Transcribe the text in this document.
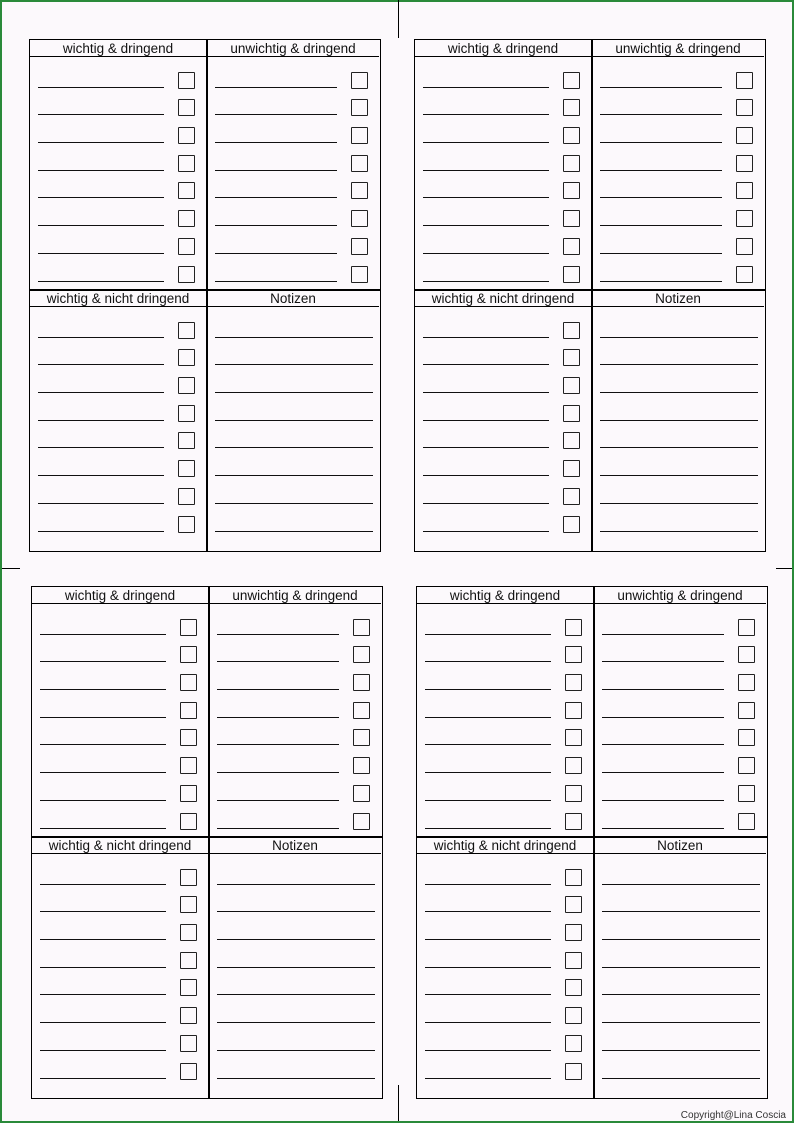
wichtig & dringend	unwichtig & dringend
wichtig & nicht dringend	Notizen
wichtig & dringend	unwichtig & dringend
wichtig & nicht dringend	Notizen
wichtig & dringend	unwichtig & dringend
wichtig & nicht dringend	Notizen
wichtig & dringend	unwichtig & dringend
wichtig & nicht dringend	Notizen
Copyright@Lina Coscia
